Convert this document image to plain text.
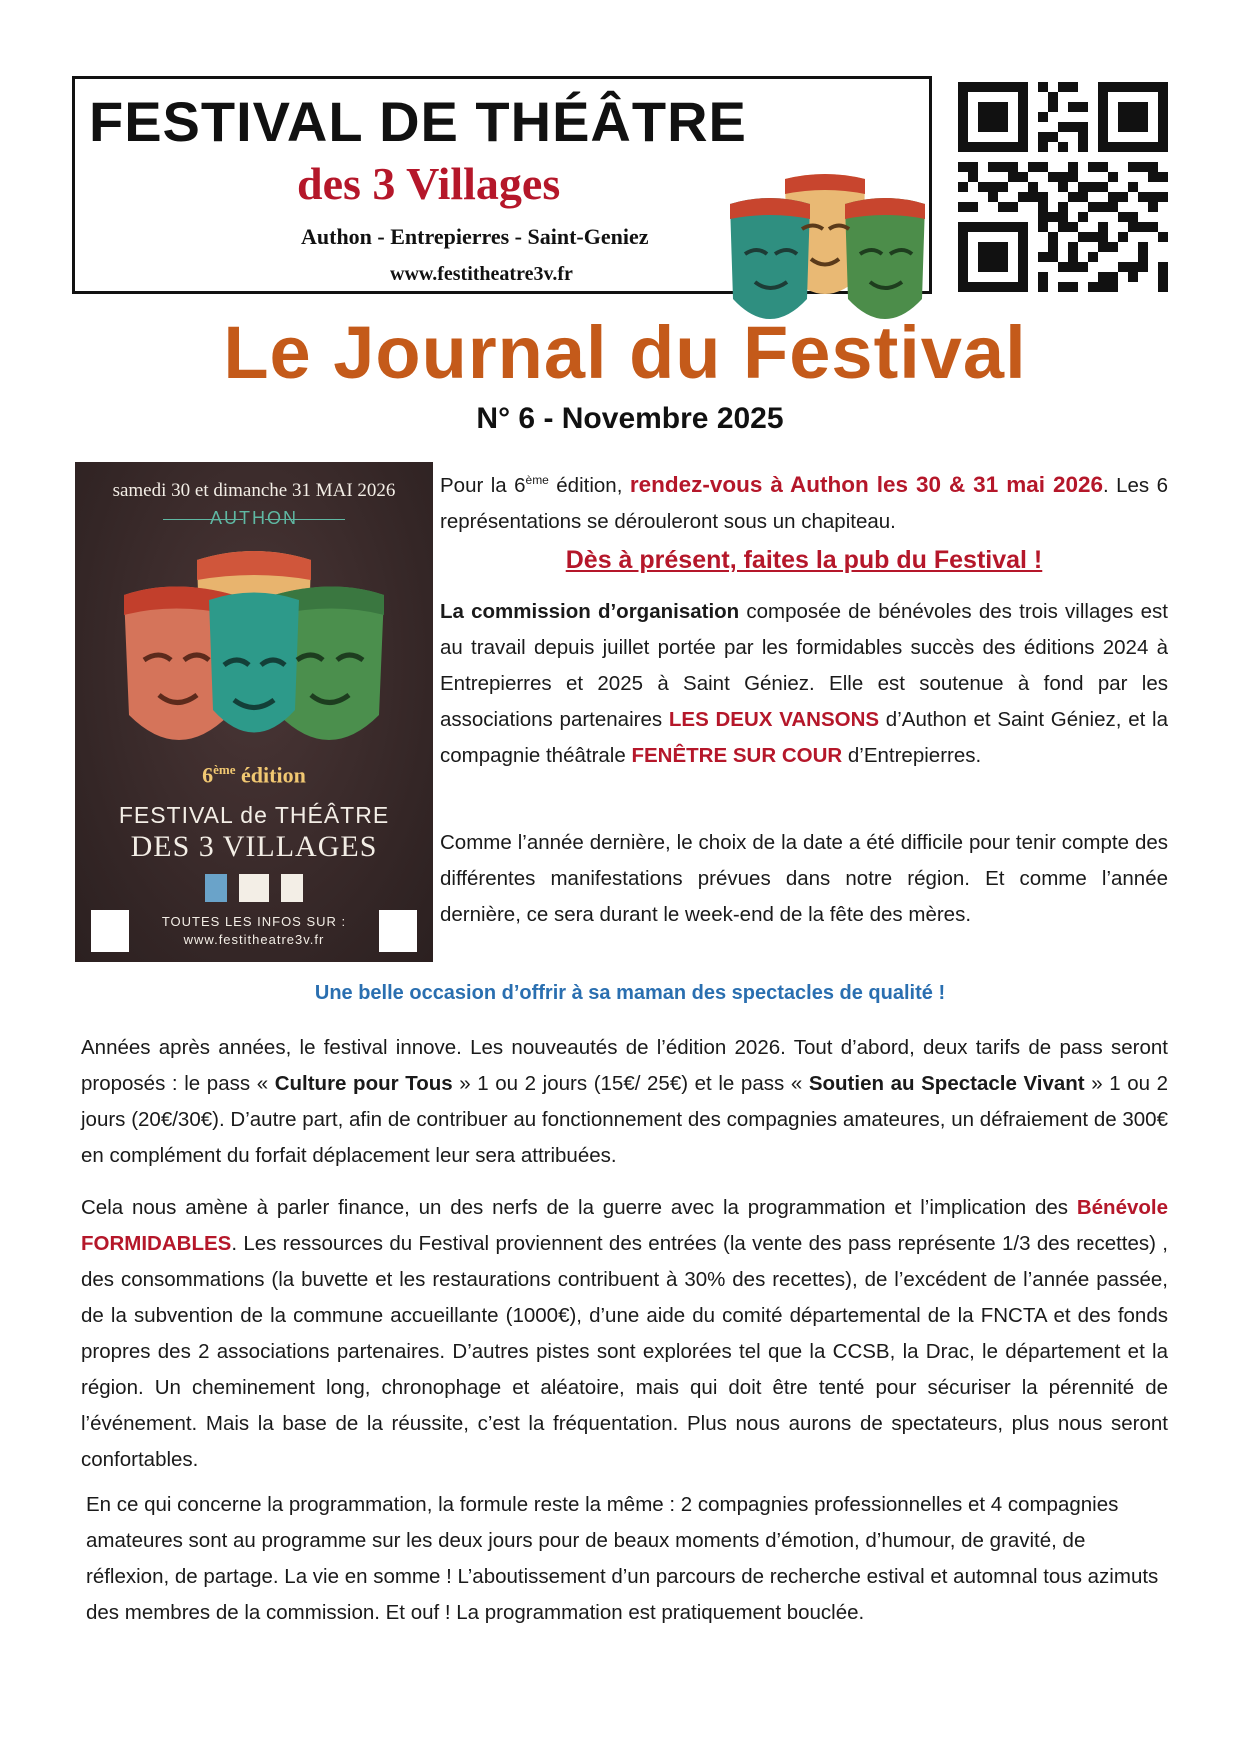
FESTIVAL DE THÉÂTRE
des 3 Villages
Authon - Entrepierres - Saint-Geniez
www.festitheatre3v.fr
Le Journal du Festival
N° 6 - Novembre 2025
samedi 30 et dimanche 31 MAI 2026
AUTHON
6ème édition
FESTIVAL de THÉÂTRE
DES 3 VILLAGES
TOUTES LES INFOS SUR :
www.festitheatre3v.fr

Pour la 6ème édition, rendez-vous à Authon les 30 & 31 mai 2026. Les 6 représentations se dérouleront sous un chapiteau.

Dès à présent, faites la pub du Festival !

La commission d’organisation composée de bénévoles des trois villages est au travail depuis juillet portée par les formidables succès des éditions 2024 à Entrepierres et 2025 à Saint Géniez. Elle est soutenue à fond par les associations partenaires LES DEUX VANSONS d’Authon et Saint Géniez, et la compagnie théâtrale FENÊTRE SUR COUR d’Entrepierres.

Comme l’année dernière, le choix de la date a été difficile pour tenir compte des différentes manifestations prévues dans notre région. Et comme l’année dernière, ce sera durant le week-end de la fête des mères.

Une belle occasion d’offrir à sa maman des spectacles de qualité !

Années après années, le festival innove. Les nouveautés de l’édition 2026. Tout d’abord, deux tarifs de pass seront proposés : le pass « Culture pour Tous » 1 ou 2 jours (15€/ 25€) et le pass « Soutien au Spectacle Vivant » 1 ou 2 jours (20€/30€). D’autre part, afin de contribuer au fonctionnement des compagnies amateures, un défraiement de 300€ en complément du forfait déplacement leur sera attribuées.

Cela nous amène à parler finance, un des nerfs de la guerre avec la programmation et l’implication des Bénévole FORMIDABLES. Les ressources du Festival proviennent des entrées (la vente des pass représente 1/3 des recettes) , des consommations (la buvette et les restaurations contribuent à 30% des recettes), de l’excédent de l’année passée, de la subvention de la commune accueillante (1000€), d’une aide du comité départemental de la FNCTA et des fonds propres des 2 associations partenaires. D’autres pistes sont explorées tel que la CCSB, la Drac, le département et la région. Un cheminement long, chronophage et aléatoire, mais qui doit être tenté pour sécuriser la pérennité de l’événement. Mais la base de la réussite, c’est la fréquentation. Plus nous aurons de spectateurs, plus nous seront confortables.

En ce qui concerne la programmation, la formule reste la même : 2 compagnies professionnelles et 4 compagnies amateures sont au programme sur les deux jours pour de beaux moments d’émotion, d’humour, de gravité, de réflexion, de partage. La vie en somme ! L’aboutissement d’un parcours de recherche estival et automnal tous azimuts des membres de la commission. Et ouf ! La programmation est pratiquement bouclée.
